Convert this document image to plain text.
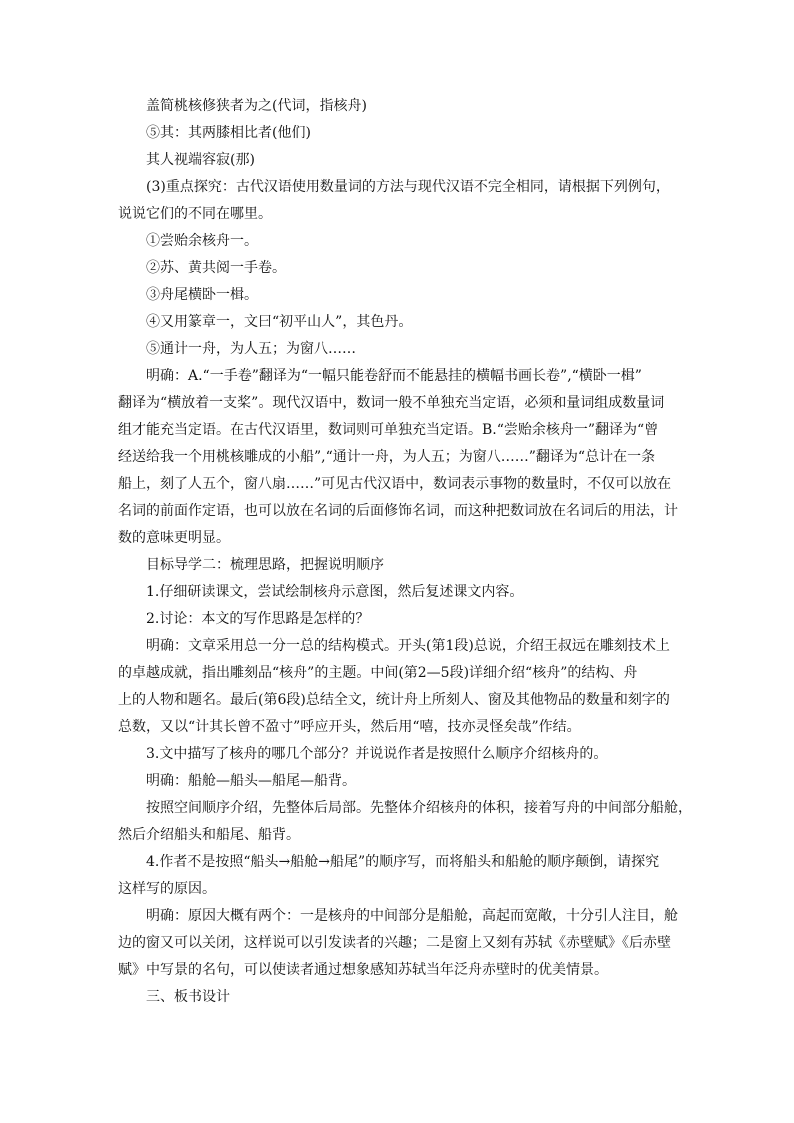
盖简桃核修狭者为之(代词，指核舟)

⑤其：其两膝相比者(他们)

其人视端容寂(那)

(3)重点探究：古代汉语使用数量词的方法与现代汉语不完全相同，请根据下列例句，

说说它们的不同在哪里。

①尝贻余核舟一。

②苏、黄共阅一手卷。

③舟尾横卧一楫。

④又用篆章一，文曰“初平山人”，其色丹。

⑤通计一舟，为人五；为窗八……

明确：A.“一手卷”翻译为“一幅只能卷舒而不能悬挂的横幅书画长卷”,“横卧一楫”

翻译为“横放着一支桨”。现代汉语中，数词一般不单独充当定语，必须和量词组成数量词

组才能充当定语。在古代汉语里，数词则可单独充当定语。B.“尝贻余核舟一”翻译为“曾

经送给我一个用桃核雕成的小船”,“通计一舟，为人五；为窗八……”翻译为“总计在一条

船上，刻了人五个，窗八扇……”可见古代汉语中，数词表示事物的数量时，不仅可以放在

名词的前面作定语，也可以放在名词的后面修饰名词，而这种把数词放在名词后的用法，计

数的意味更明显。

目标导学二：梳理思路，把握说明顺序

1.仔细研读课文，尝试绘制核舟示意图，然后复述课文内容。

2.讨论：本文的写作思路是怎样的？

明确：文章采用总一分一总的结构模式。开头(第1段)总说，介绍王叔远在雕刻技术上

的卓越成就，指出雕刻品“核舟”的主题。中间(第2—5段)详细介绍“核舟”的结构、舟

上的人物和题名。最后(第6段)总结全文，统计舟上所刻人、窗及其他物品的数量和刻字的

总数，又以“计其长曾不盈寸”呼应开头，然后用“嘻，技亦灵怪矣哉”作结。

3.文中描写了核舟的哪几个部分？并说说作者是按照什么顺序介绍核舟的。

明确：船舱—船头—船尾—船背。

按照空间顺序介绍，先整体后局部。先整体介绍核舟的体积，接着写舟的中间部分船舱，

然后介绍船头和船尾、船背。

4.作者不是按照“船头→船舱→船尾”的顺序写，而将船头和船舱的顺序颠倒，请探究

这样写的原因。

明确：原因大概有两个：一是核舟的中间部分是船舱，高起而宽敞，十分引人注目，舱

边的窗又可以关闭，这样说可以引发读者的兴趣；二是窗上又刻有苏轼《赤壁赋》《后赤壁

赋》中写景的名句，可以使读者通过想象感知苏轼当年泛舟赤壁时的优美情景。

三、板书设计
